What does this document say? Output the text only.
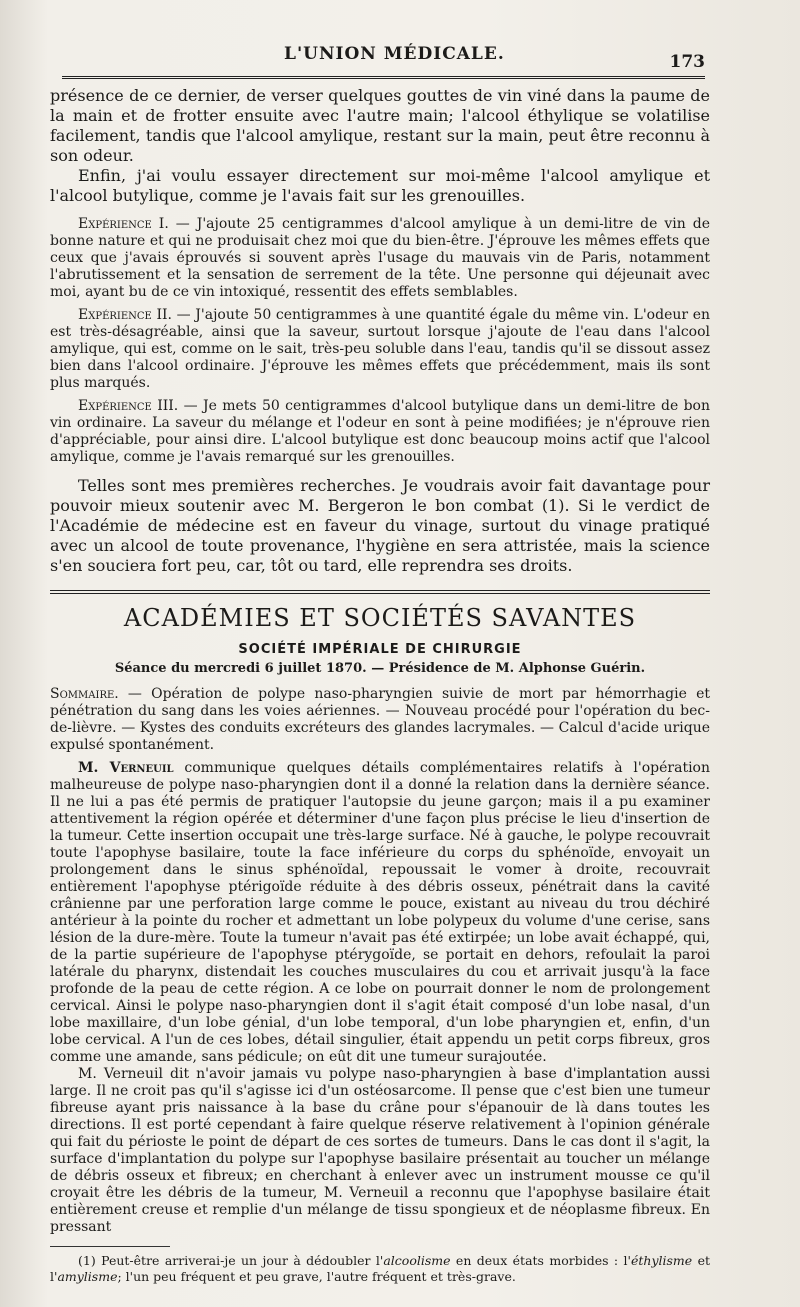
L'UNION MÉDICALE.	173

présence de ce dernier, de verser quelques gouttes de vin viné dans la paume de la main et de frotter ensuite avec l'autre main; l'alcool éthylique se volatilise facilement, tandis que l'alcool amylique, restant sur la main, peut être reconnu à son odeur.

Enfin, j'ai voulu essayer directement sur moi-même l'alcool amylique et l'alcool butylique, comme je l'avais fait sur les grenouilles.

Expérience I. — J'ajoute 25 centigrammes d'alcool amylique à un demi-litre de vin de bonne nature et qui ne produisait chez moi que du bien-être. J'éprouve les mêmes effets que ceux que j'avais éprouvés si souvent après l'usage du mauvais vin de Paris, notamment l'abrutissement et la sensation de serrement de la tête. Une personne qui déjeunait avec moi, ayant bu de ce vin intoxiqué, ressentit des effets semblables.

Expérience II. — J'ajoute 50 centigrammes à une quantité égale du même vin. L'odeur en est très-désagréable, ainsi que la saveur, surtout lorsque j'ajoute de l'eau dans l'alcool amylique, qui est, comme on le sait, très-peu soluble dans l'eau, tandis qu'il se dissout assez bien dans l'alcool ordinaire. J'éprouve les mêmes effets que précédemment, mais ils sont plus marqués.

Expérience III. — Je mets 50 centigrammes d'alcool butylique dans un demi-litre de bon vin ordinaire. La saveur du mélange et l'odeur en sont à peine modifiées; je n'éprouve rien d'appréciable, pour ainsi dire. L'alcool butylique est donc beaucoup moins actif que l'alcool amylique, comme je l'avais remarqué sur les grenouilles.

Telles sont mes premières recherches. Je voudrais avoir fait davantage pour pouvoir mieux soutenir avec M. Bergeron le bon combat (1). Si le verdict de l'Académie de médecine est en faveur du vinage, surtout du vinage pratiqué avec un alcool de toute provenance, l'hygiène en sera attristée, mais la science s'en souciera fort peu, car, tôt ou tard, elle reprendra ses droits.

ACADÉMIES ET SOCIÉTÉS SAVANTES

SOCIÉTÉ IMPÉRIALE DE CHIRURGIE

Séance du mercredi 6 juillet 1870. — Présidence de M. Alphonse Guérin.

Sommaire. — Opération de polype naso-pharyngien suivie de mort par hémorrhagie et pénétration du sang dans les voies aériennes. — Nouveau procédé pour l'opération du bec-de-lièvre. — Kystes des conduits excréteurs des glandes lacrymales. — Calcul d'acide urique expulsé spontanément.

M. Verneuil communique quelques détails complémentaires relatifs à l'opération malheureuse de polype naso-pharyngien dont il a donné la relation dans la dernière séance. Il ne lui a pas été permis de pratiquer l'autopsie du jeune garçon; mais il a pu examiner attentivement la région opérée et déterminer d'une façon plus précise le lieu d'insertion de la tumeur. Cette insertion occupait une très-large surface. Né à gauche, le polype recouvrait toute l'apophyse basilaire, toute la face inférieure du corps du sphénoïde, envoyait un prolongement dans le sinus sphénoïdal, repoussait le vomer à droite, recouvrait entièrement l'apophyse ptérigoïde réduite à des débris osseux, pénétrait dans la cavité crânienne par une perforation large comme le pouce, existant au niveau du trou déchiré antérieur à la pointe du rocher et admettant un lobe polypeux du volume d'une cerise, sans lésion de la dure-mère. Toute la tumeur n'avait pas été extirpée; un lobe avait échappé, qui, de la partie supérieure de l'apophyse ptérygoïde, se portait en dehors, refoulait la paroi latérale du pharynx, distendait les couches musculaires du cou et arrivait jusqu'à la face profonde de la peau de cette région. A ce lobe on pourrait donner le nom de prolongement cervical. Ainsi le polype naso-pharyngien dont il s'agit était composé d'un lobe nasal, d'un lobe maxillaire, d'un lobe génial, d'un lobe temporal, d'un lobe pharyngien et, enfin, d'un lobe cervical. A l'un de ces lobes, détail singulier, était appendu un petit corps fibreux, gros comme une amande, sans pédicule; on eût dit une tumeur surajoutée.

M. Verneuil dit n'avoir jamais vu polype naso-pharyngien à base d'implantation aussi large. Il ne croit pas qu'il s'agisse ici d'un ostéosarcome. Il pense que c'est bien une tumeur fibreuse ayant pris naissance à la base du crâne pour s'épanouir de là dans toutes les directions. Il est porté cependant à faire quelque réserve relativement à l'opinion générale qui fait du périoste le point de départ de ces sortes de tumeurs. Dans le cas dont il s'agit, la surface d'implantation du polype sur l'apophyse basilaire présentait au toucher un mélange de débris osseux et fibreux; en cherchant à enlever avec un instrument mousse ce qu'il croyait être les débris de la tumeur, M. Verneuil a reconnu que l'apophyse basilaire était entièrement creuse et remplie d'un mélange de tissu spongieux et de néoplasme fibreux. En pressant

(1) Peut-être arriverai-je un jour à dédoubler l'alcoolisme en deux états morbides : l'éthylisme et l'amylisme; l'un peu fréquent et peu grave, l'autre fréquent et très-grave.
